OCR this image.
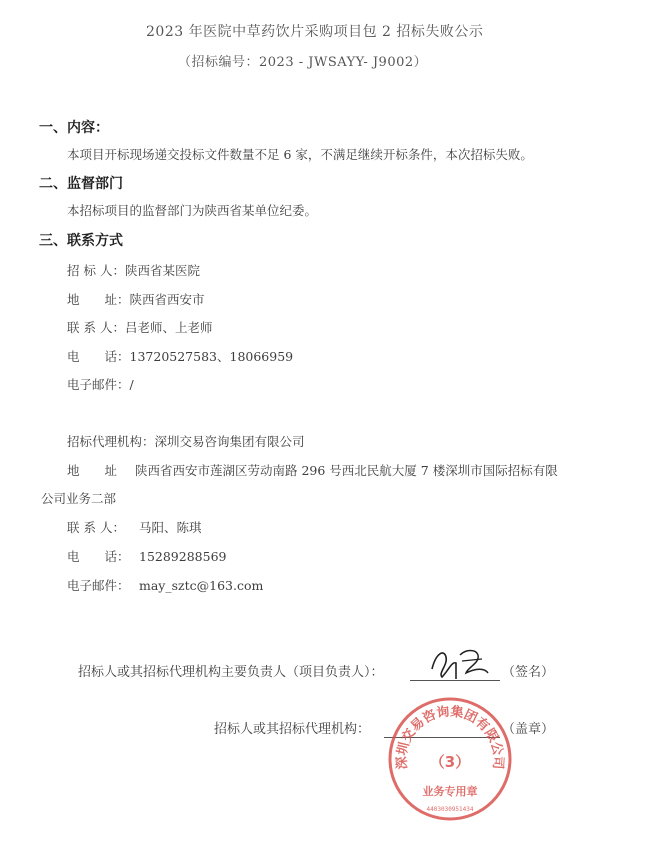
2023 年医院中草药饮片采购项目包 2 招标失败公示
（招标编号：2023 - JWSAYY- J9002）
一、内容：
本项目开标现场递交投标文件数量不足 6 家，不满足继续开标条件，本次招标失败。
二、监督部门
本招标项目的监督部门为陕西省某单位纪委。
三、联系方式
招 标 人：陕西省某医院
地　　址：陕西省西安市
联 系 人：吕老师、上老师
电　　话：13720527583、18066959
电子邮件：/
招标代理机构：深圳交易咨询集团有限公司
地　　址 陕西省西安市莲湖区劳动南路 296 号西北民航大厦 7 楼深圳市国际招标有限
公司业务二部
联 系 人： 马阳、陈琪
电　　话： 15289288569
电子邮件： may_sztc@163.com
招标人或其招标代理机构主要负责人（项目负责人）：	（签名）
招标人或其招标代理机构：	（盖章）
深圳交易咨询集团有限公司
（3）
业务专用章
4403030951434
